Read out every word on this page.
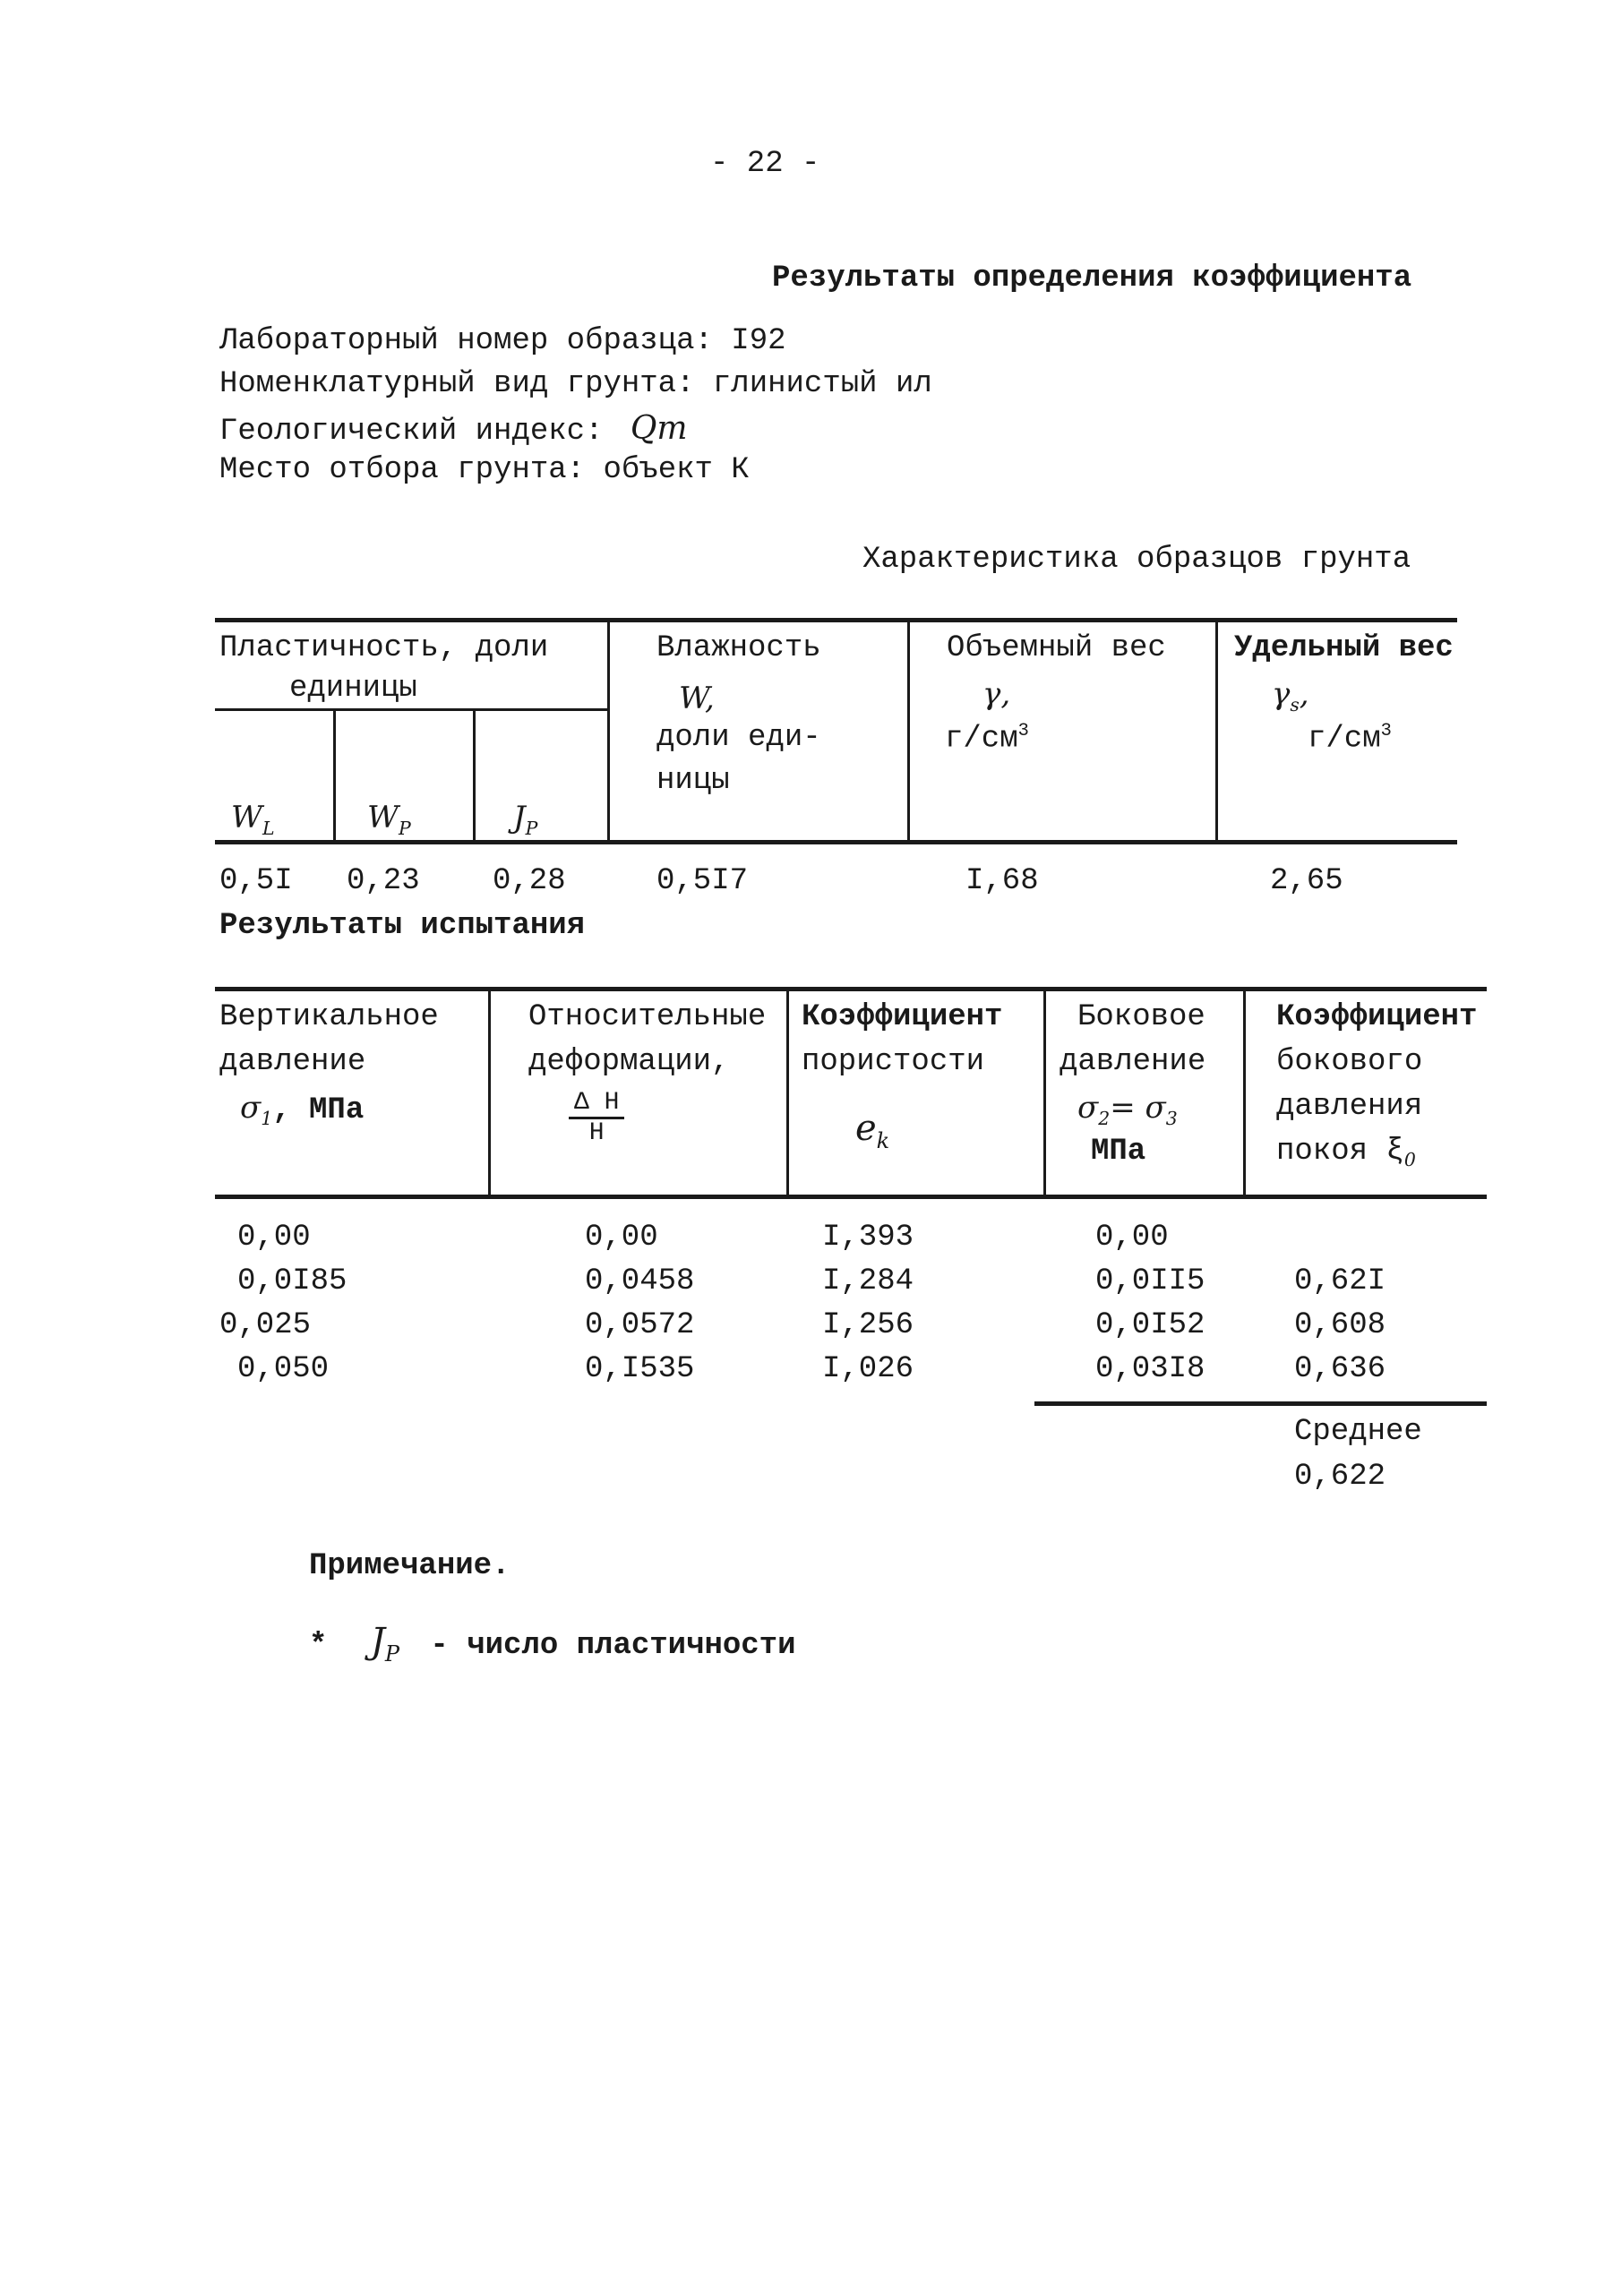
- 22 -
Результаты определения коэффициента
Лабораторный номер образца: I92
Номенклатурный вид грунта: глинистый ил
Геологический индекс: Qm
Место отбора грунта: объект К
Характеристика образцов грунта
Пластичность, доли
единицы
$W_L$	$W_P$	$J_P$
Влажность
W,
доли еди-
ницы
Объемный вес
γ,
$г/см^3$
Удельный вес
$\gamma_s$,
$г/см^3$
0,5I 0,23 0,28	0,5I7	I,68	2,65
Результаты испытания
Вертикальное
давление
$\sigma_1$, МПа
Относительные
деформации,
$\frac{\text{Δ H}}{H}$
Коэффициент
пористости
$e_k$
Боковое
давление
$\sigma_2= \sigma_3$
МПа
Коэффициент
бокового
давления
покоя $\xi_0$
0,00	0,00	I,393	0,00
0,0I85	0,0458	I,284	0,0II5	0,62I
0,025	0,0572	I,256	0,0I52	0,608
0,050	0,I535	I,026	0,03I8	0,636
Среднее
0,622
Примечание.
* $J_P$ - число пластичности
